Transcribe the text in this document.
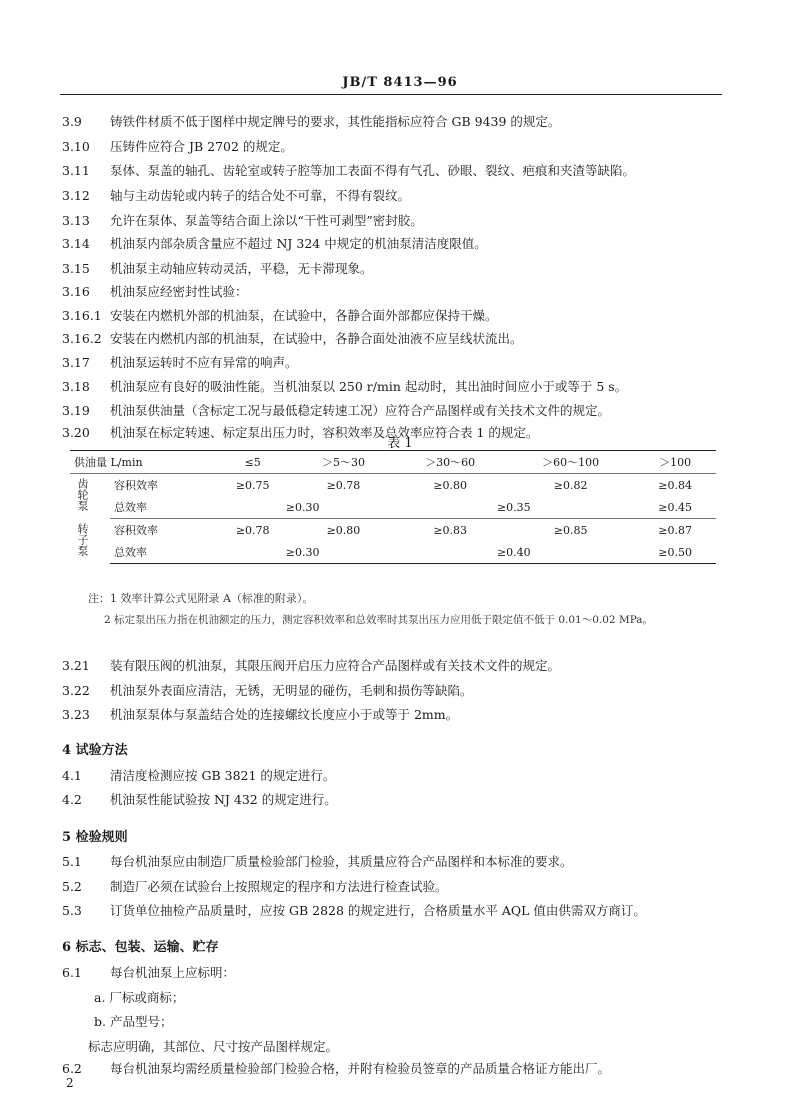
JB/T 8413—96
3.9 铸铁件材质不低于图样中规定牌号的要求，其性能指标应符合 GB 9439 的规定。
3.10 压铸件应符合 JB 2702 的规定。
3.11 泵体、泵盖的轴孔、齿轮室或转子腔等加工表面不得有气孔、砂眼、裂纹、疤痕和夹渣等缺陷。
3.12 轴与主动齿轮或内转子的结合处不可靠，不得有裂纹。
3.13 允许在泵体、泵盖等结合面上涂以“干性可剥型”密封胶。
3.14 机油泵内部杂质含量应不超过 NJ 324 中规定的机油泵清洁度限值。
3.15 机油泵主动轴应转动灵活，平稳，无卡滞现象。
3.16 机油泵应经密封性试验：
3.16.1 安装在内燃机外部的机油泵，在试验中，各静合面外部都应保持干燥。
3.16.2 安装在内燃机内部的机油泵，在试验中，各静合面处油液不应呈线状流出。
3.17 机油泵运转时不应有异常的响声。
3.18 机油泵应有良好的吸油性能。当机油泵以 250 r/min 起动时，其出油时间应小于或等于 5 s。
3.19 机油泵供油量（含标定工况与最低稳定转速工况）应符合产品图样或有关技术文件的规定。
3.20 机油泵在标定转速、标定泵出压力时，容积效率及总效率应符合表 1 的规定。
表 1
供油量 L/min		≤5	＞5～30	＞30～60	＞60～100	＞100
齿轮泵	容积效率	≥0.75	≥0.78	≥0.80	≥0.82	≥0.84
	总效率	≥0.30		≥0.35		≥0.45
转子泵	容积效率	≥0.78	≥0.80	≥0.83	≥0.85	≥0.87
	总效率	≥0.30		≥0.40		≥0.50
注：1 效率计算公式见附录 A（标准的附录）。
2 标定泵出压力指在机油额定的压力，测定容积效率和总效率时其泵出压力应用低于限定值不低于 0.01～0.02 MPa。
3.21 装有限压阀的机油泵，其限压阀开启压力应符合产品图样或有关技术文件的规定。
3.22 机油泵外表面应清洁，无锈，无明显的碰伤，毛刺和损伤等缺陷。
3.23 机油泵泵体与泵盖结合处的连接螺纹长度应小于或等于 2mm。
4 试验方法
4.1 清洁度检测应按 GB 3821 的规定进行。
4.2 机油泵性能试验按 NJ 432 的规定进行。
5 检验规则
5.1 每台机油泵应由制造厂质量检验部门检验，其质量应符合产品图样和本标准的要求。
5.2 制造厂必须在试验台上按照规定的程序和方法进行检查试验。
5.3 订货单位抽检产品质量时，应按 GB 2828 的规定进行，合格质量水平 AQL 值由供需双方商订。
6 标志、包装、运输、贮存
6.1 每台机油泵上应标明：
a. 厂标或商标；
b. 产品型号；
标志应明确，其部位、尺寸按产品图样规定。
6.2 每台机油泵均需经质量检验部门检验合格，并附有检验员签章的产品质量合格证方能出厂。
2
